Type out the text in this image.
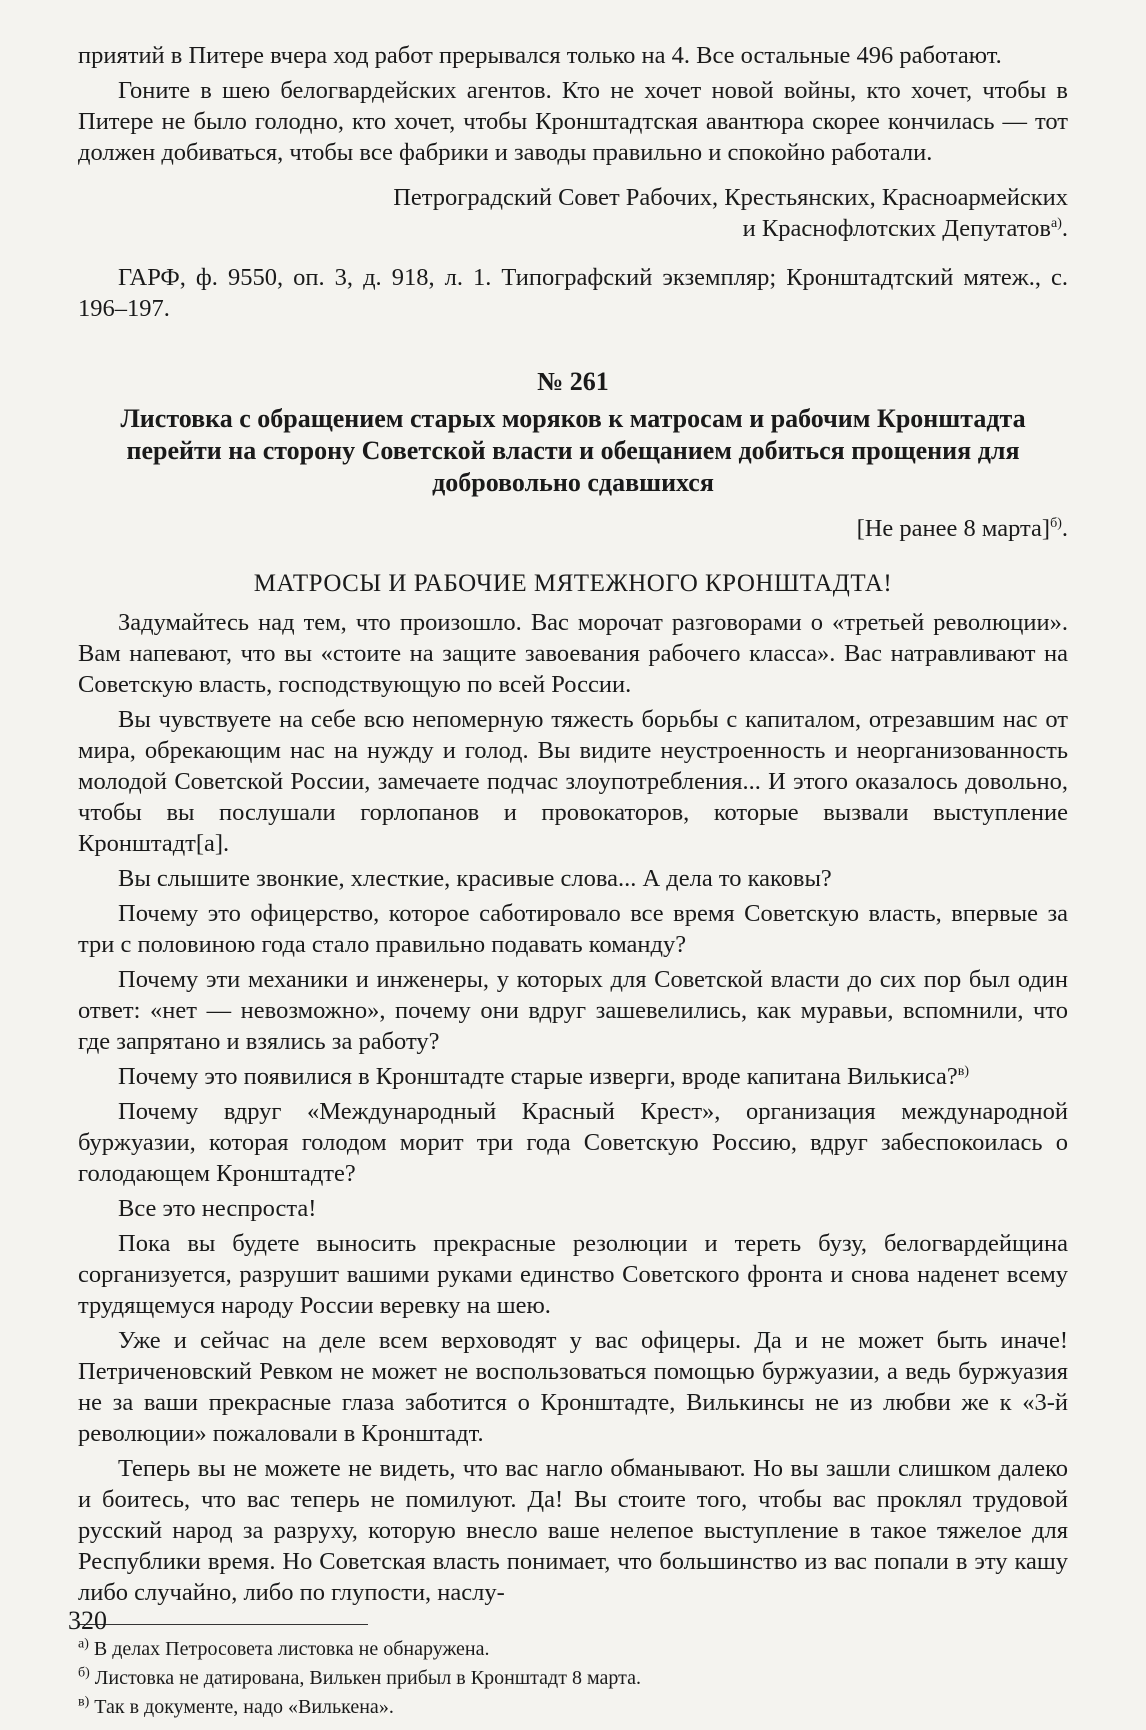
приятий в Питере вчера ход работ прерывался только на 4. Все остальные 496 работают.

Гоните в шею белогвардейских агентов. Кто не хочет новой войны, кто хочет, чтобы в Питере не было голодно, кто хочет, чтобы Кронштадтская авантюра скорее кончилась — тот должен добиваться, чтобы все фабрики и заводы правильно и спокойно работали.

Петроградский Совет Рабочих, Крестьянских, Красноармейских
и Краснофлотских Депутатов$^{а)}$.

ГАРФ, ф. 9550, оп. 3, д. 918, л. 1. Типографский экземпляр; Кронштадтский мятеж., с. 196–197.

№ 261

Листовка с обращением старых моряков к матросам и рабочим Кронштадта перейти на сторону Советской власти и обещанием добиться прощения для добровольно сдавшихся

[Не ранее 8 марта]$^{б)}$.

МАТРОСЫ И РАБОЧИЕ МЯТЕЖНОГО КРОНШТАДТА!

Задумайтесь над тем, что произошло. Вас морочат разговорами о «третьей революции». Вам напевают, что вы «стоите на защите завоевания рабочего класса». Вас натравливают на Советскую власть, господствующую по всей России.

Вы чувствуете на себе всю непомерную тяжесть борьбы с капиталом, отрезавшим нас от мира, обрекающим нас на нужду и голод. Вы видите неустроенность и неорганизованность молодой Советской России, замечаете подчас злоупотребления... И этого оказалось довольно, чтобы вы послушали горлопанов и провокаторов, которые вызвали выступление Кронштадт[а].

Вы слышите звонкие, хлесткие, красивые слова... А дела то каковы?

Почему это офицерство, которое саботировало все время Советскую власть, впервые за три с половиною года стало правильно подавать команду?

Почему эти механики и инженеры, у которых для Советской власти до сих пор был один ответ: «нет — невозможно», почему они вдруг зашевелились, как муравьи, вспомнили, что где запрятано и взялись за работу?

Почему это появилися в Кронштадте старые изверги, вроде капитана Вилькиса?$^{в)}$

Почему вдруг «Международный Красный Крест», организация международной буржуазии, которая голодом морит три года Советскую Россию, вдруг забеспокоилась о голодающем Кронштадте?

Все это неспроста!

Пока вы будете выносить прекрасные резолюции и тереть бузу, белогвардейщина сорганизуется, разрушит вашими руками единство Советского фронта и снова наденет всему трудящемуся народу России веревку на шею.

Уже и сейчас на деле всем верховодят у вас офицеры. Да и не может быть иначе! Петриченовский Ревком не может не воспользоваться помощью буржуазии, а ведь буржуазия не за ваши прекрасные глаза заботится о Кронштадте, Вилькинсы не из любви же к «3-й революции» пожаловали в Кронштадт.

Теперь вы не можете не видеть, что вас нагло обманывают. Но вы зашли слишком далеко и боитесь, что вас теперь не помилуют. Да! Вы стоите того, чтобы вас проклял трудовой русский народ за разруху, которую внесло ваше нелепое выступление в такое тяжелое для Республики время. Но Советская власть понимает, что большинство из вас попали в эту кашу либо случайно, либо по глупости, наслу-

$^{а)}$ В делах Петросовета листовка не обнаружена.

$^{б)}$ Листовка не датирована, Вилькен прибыл в Кронштадт 8 марта.

$^{в)}$ Так в документе, надо «Вилькена».

320
